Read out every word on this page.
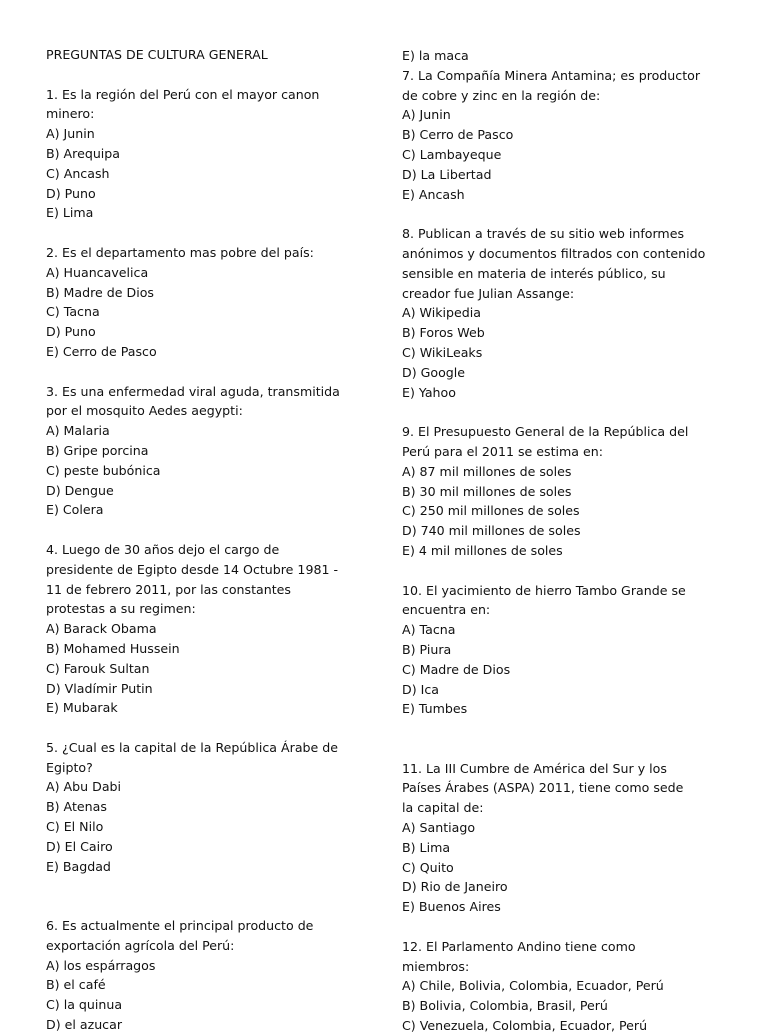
PREGUNTAS DE CULTURA GENERAL
1. Es la región del Perú con el mayor canon
minero:
A) Junin
B) Arequipa
C) Ancash
D) Puno
E) Lima
2. Es el departamento mas pobre del país:
A) Huancavelica
B) Madre de Dios
C) Tacna
D) Puno
E) Cerro de Pasco
3. Es una enfermedad viral aguda, transmitida
por el mosquito Aedes aegypti:
A) Malaria
B) Gripe porcina
C) peste bubónica
D) Dengue
E) Colera
4. Luego de 30 años dejo el cargo de
presidente de Egipto desde 14 Octubre 1981 -
11 de febrero 2011, por las constantes
protestas a su regimen:
A) Barack Obama
B) Mohamed Hussein
C) Farouk Sultan
D) Vladímir Putin
E) Mubarak
5. ¿Cual es la capital de la República Árabe de
Egipto?
A) Abu Dabi
B) Atenas
C) El Nilo
D) El Cairo
E) Bagdad
6. Es actualmente el principal producto de
exportación agrícola del Perú:
A) los espárragos
B) el café
C) la quinua
D) el azucar
E) la maca
7. La Compañía Minera Antamina; es productor
de cobre y zinc en la región de:
A) Junin
B) Cerro de Pasco
C) Lambayeque
D) La Libertad
E) Ancash
8. Publican a través de su sitio web informes
anónimos y documentos filtrados con contenido
sensible en materia de interés público, su
creador fue Julian Assange:
A) Wikipedia
B) Foros Web
C) WikiLeaks
D) Google
E) Yahoo
9. El Presupuesto General de la República del
Perú para el 2011 se estima en:
A) 87 mil millones de soles
B) 30 mil millones de soles
C) 250 mil millones de soles
D) 740 mil millones de soles
E) 4 mil millones de soles
10. El yacimiento de hierro Tambo Grande se
encuentra en:
A) Tacna
B) Piura
C) Madre de Dios
D) Ica
E) Tumbes
11. La III Cumbre de América del Sur y los
Países Árabes (ASPA) 2011, tiene como sede
la capital de:
A) Santiago
B) Lima
C) Quito
D) Rio de Janeiro
E) Buenos Aires
12. El Parlamento Andino tiene como
miembros:
A) Chile, Bolivia, Colombia, Ecuador, Perú
B) Bolivia, Colombia, Brasil, Perú
C) Venezuela, Colombia, Ecuador, Perú
